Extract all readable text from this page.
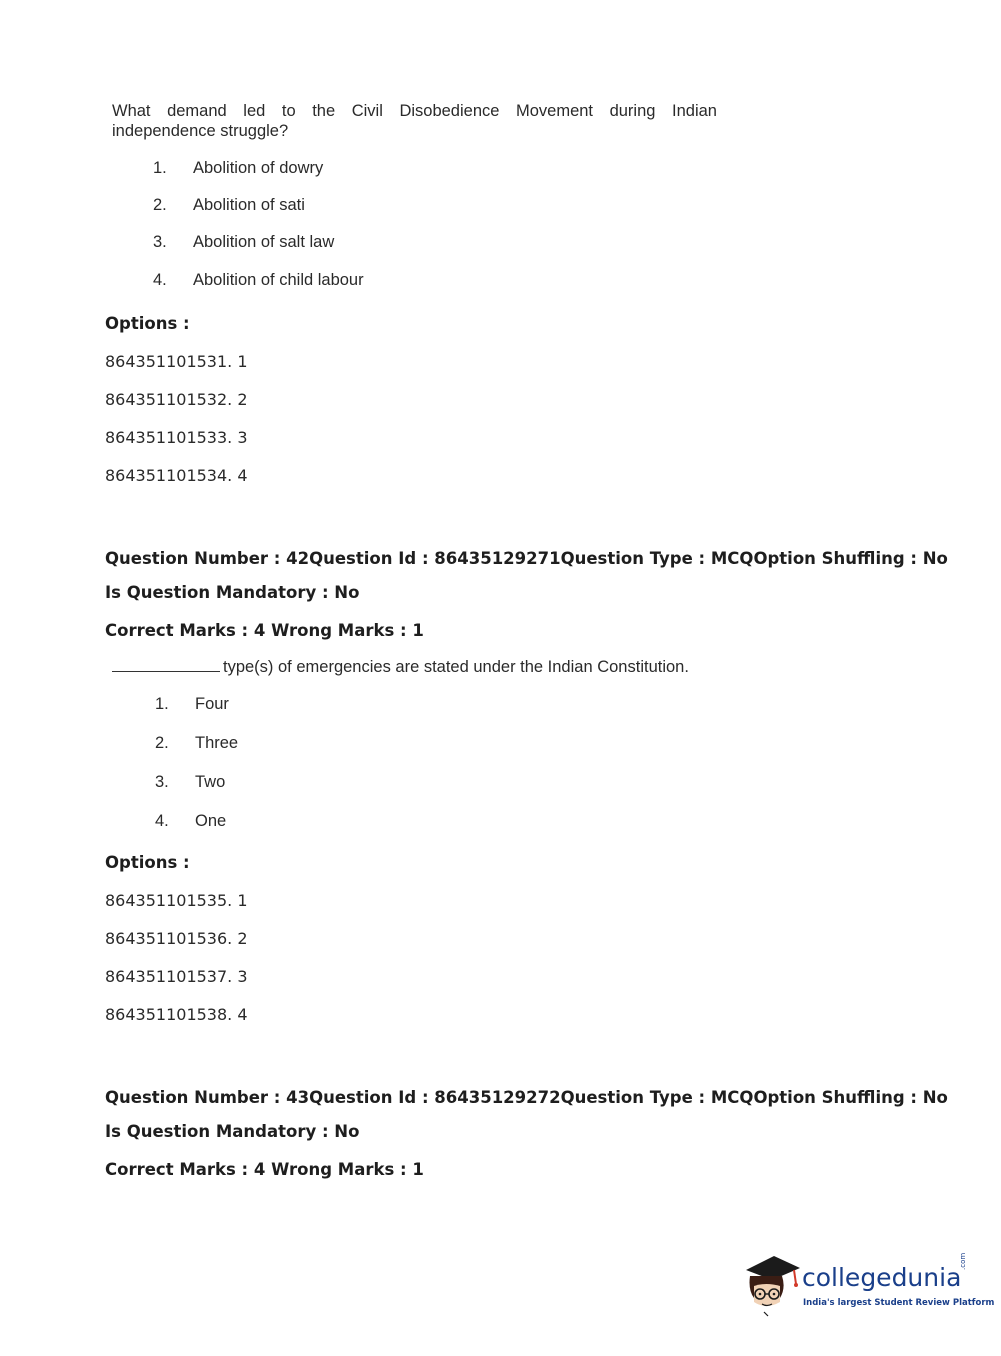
What demand led to the Civil Disobedience Movement during Indian
independence struggle?
1. Abolition of dowry
2. Abolition of sati
3. Abolition of salt law
4. Abolition of child labour
Options :
864351101531. 1
864351101532. 2
864351101533. 3
864351101534. 4
Question Number : 42 Question Id : 86435129271 Question Type : MCQ Option Shuffling : No
Is Question Mandatory : No
Correct Marks : 4 Wrong Marks : 1
type(s) of emergencies are stated under the Indian Constitution.
1. Four
2. Three
3. Two
4. One
Options :
864351101535. 1
864351101536. 2
864351101537. 3
864351101538. 4
Question Number : 43 Question Id : 86435129272 Question Type : MCQ Option Shuffling : No
Is Question Mandatory : No
Correct Marks : 4 Wrong Marks : 1
collegedunia
.com
India's largest Student Review Platform
